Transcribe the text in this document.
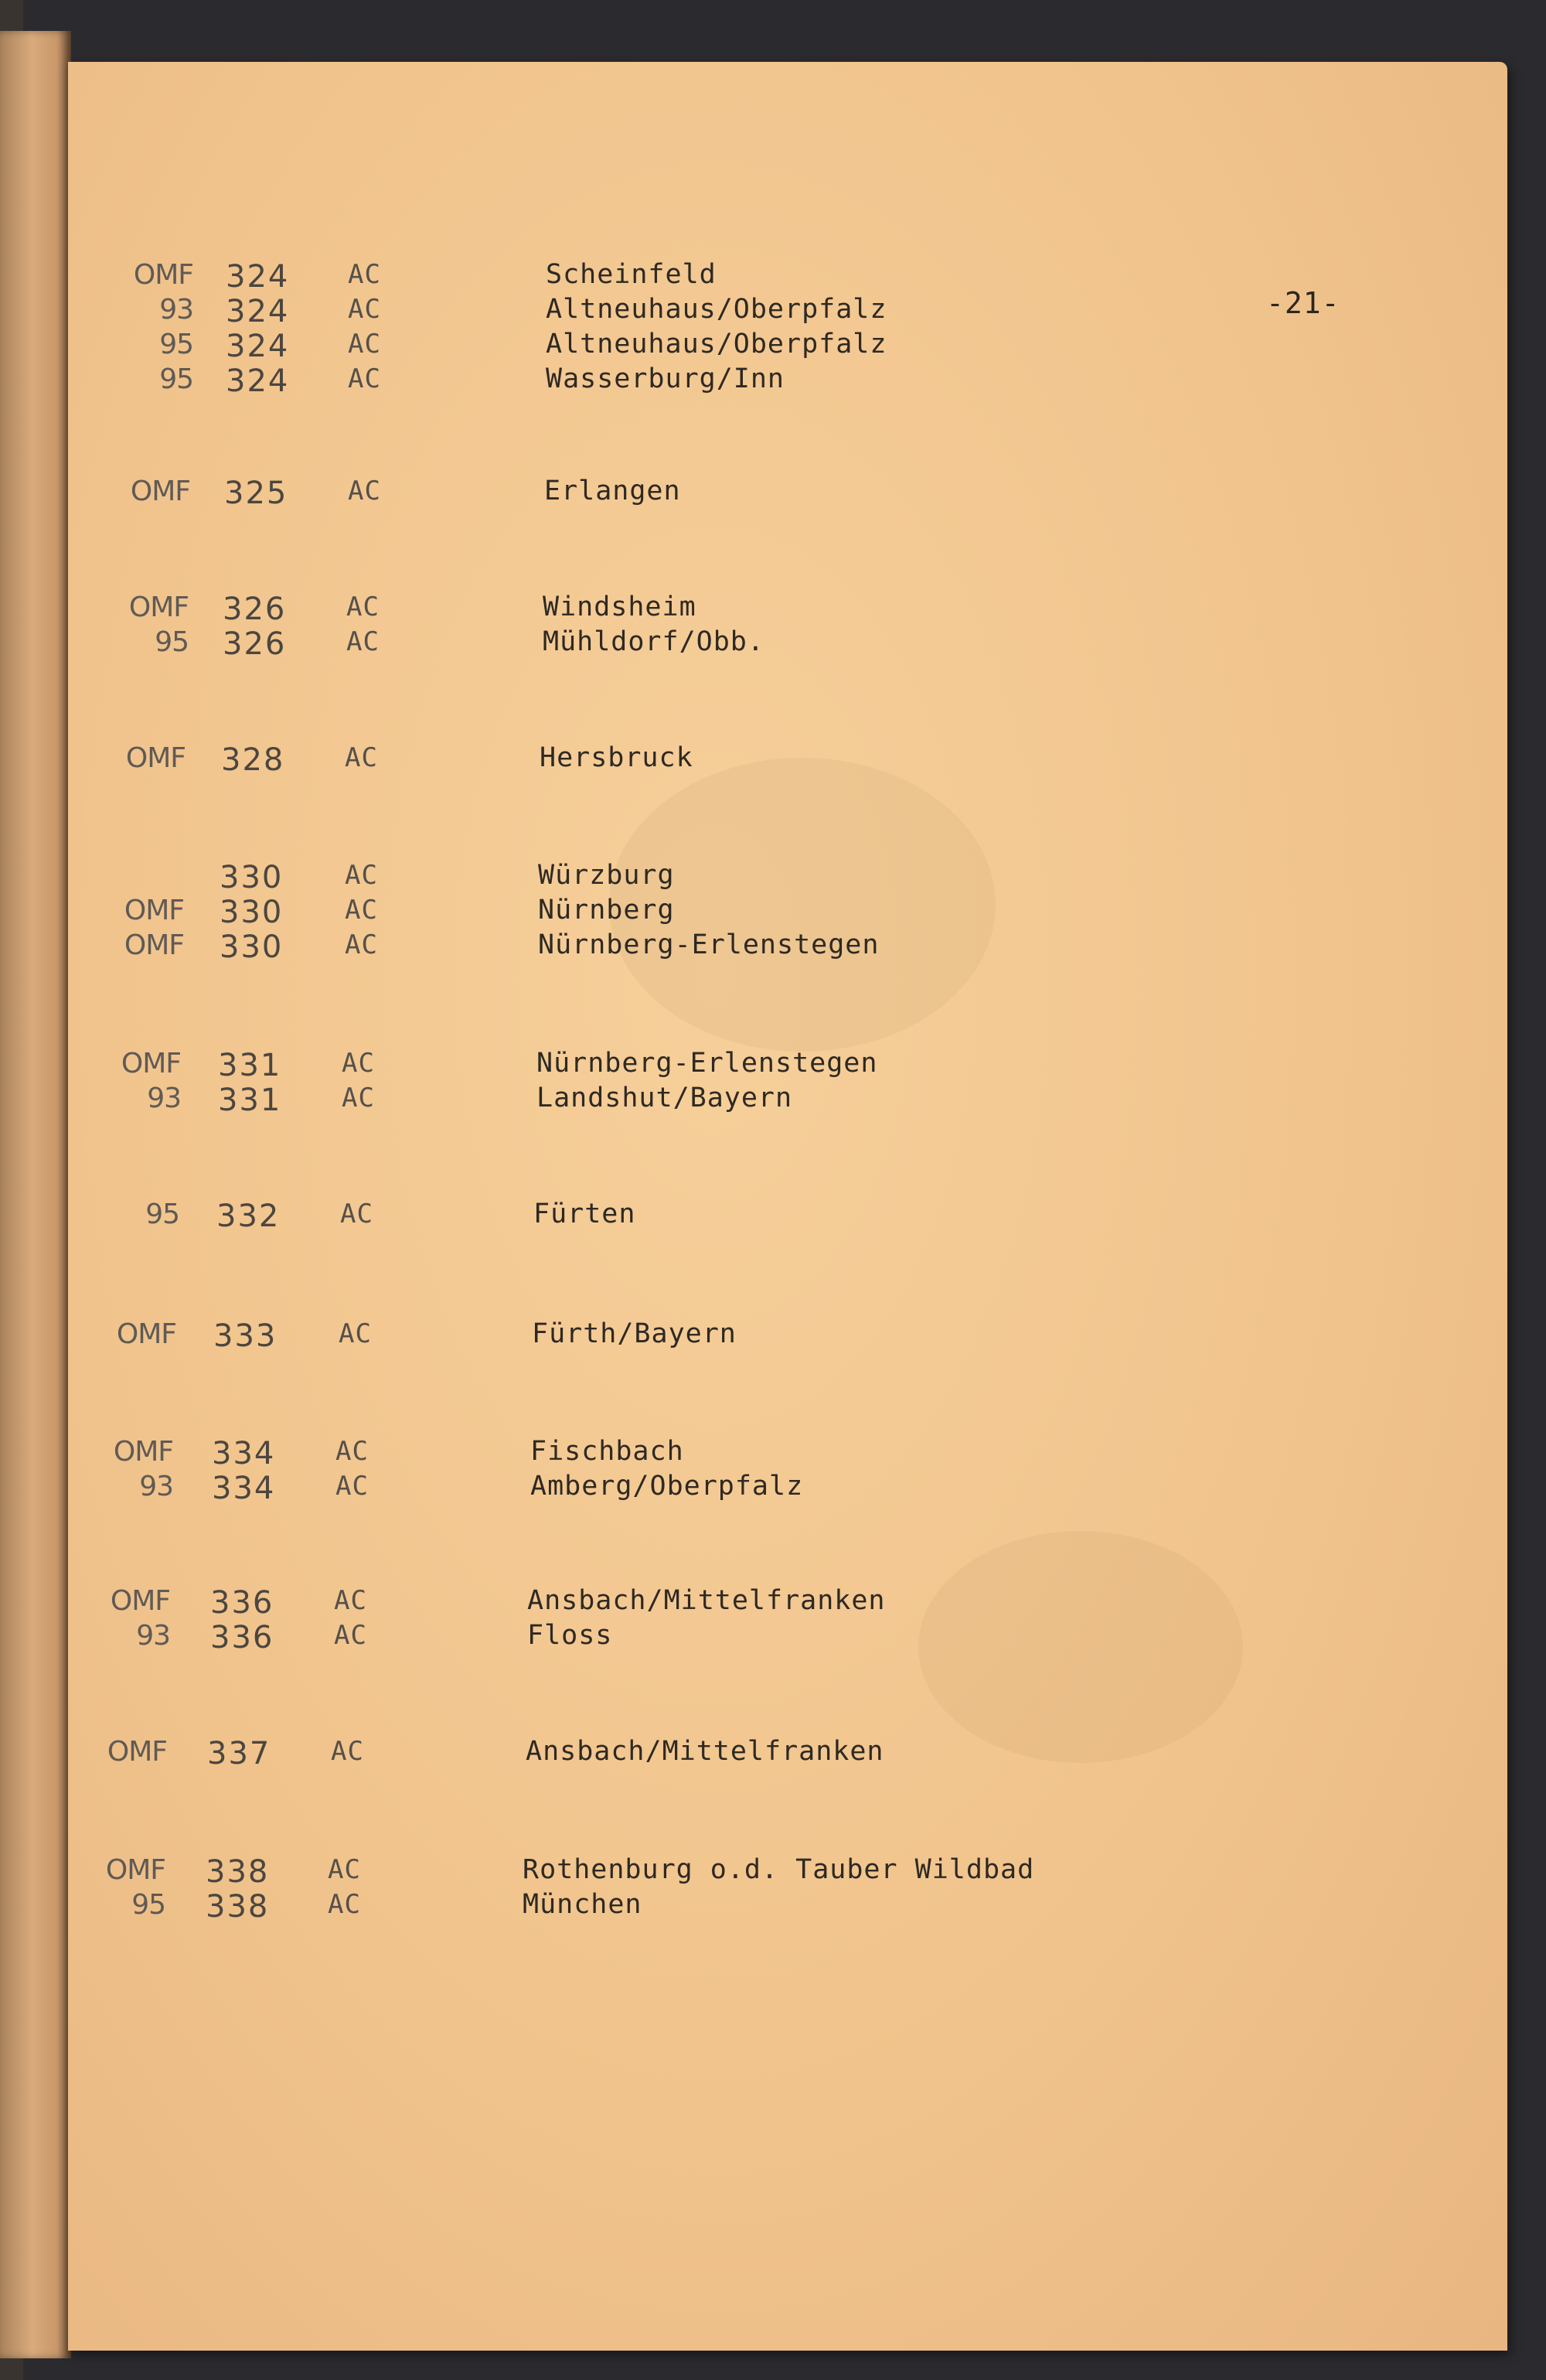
-21-
OMF 324 AC	Scheinfeld
93 324 AC	Altneuhaus/Oberpfalz
95 324 AC	Altneuhaus/Oberpfalz
95 324 AC	Wasserburg/Inn
OMF 325 AC	Erlangen
OMF 326 AC	Windsheim
95 326 AC	Mühldorf/Obb.
OMF 328 AC	Hersbruck
330 AC	Würzburg
OMF 330 AC	Nürnberg
OMF 330 AC	Nürnberg-Erlenstegen
OMF 331 AC	Nürnberg-Erlenstegen
93 331 AC	Landshut/Bayern
95 332 AC	Fürten
OMF 333 AC	Fürth/Bayern
OMF 334 AC	Fischbach
93 334 AC	Amberg/Oberpfalz
OMF 336 AC	Ansbach/Mittelfranken
93 336 AC	Floss
OMF 337 AC	Ansbach/Mittelfranken
OMF 338 AC	Rothenburg o.d. Tauber Wildbad
95 338 AC	München
